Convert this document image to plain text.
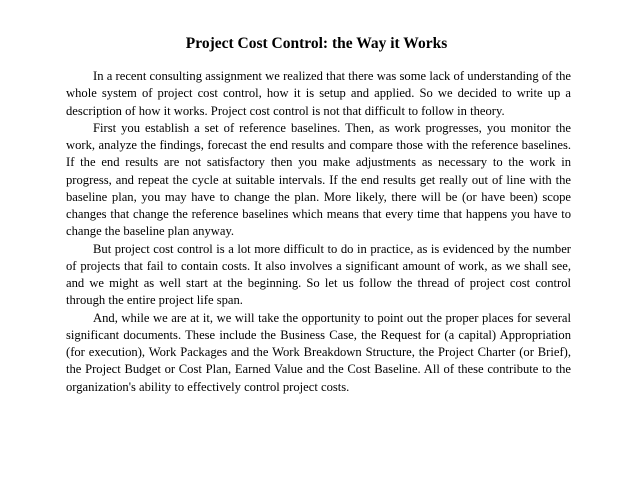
Project Cost Control: the Way it Works

In a recent consulting assignment we realized that there was some lack of understanding of the whole system of project cost control, how it is setup and applied. So we decided to write up a description of how it works. Project cost control is not that difficult to follow in theory.

First you establish a set of reference baselines. Then, as work progresses, you monitor the work, analyze the findings, forecast the end results and compare those with the reference baselines. If the end results are not satisfactory then you make adjustments as necessary to the work in progress, and repeat the cycle at suitable intervals. If the end results get really out of line with the baseline plan, you may have to change the plan. More likely, there will be (or have been) scope changes that change the reference baselines which means that every time that happens you have to change the baseline plan anyway.

But project cost control is a lot more difficult to do in practice, as is evidenced by the number of projects that fail to contain costs. It also involves a significant amount of work, as we shall see, and we might as well start at the beginning. So let us follow the thread of project cost control through the entire project life span.

And, while we are at it, we will take the opportunity to point out the proper places for several significant documents. These include the Business Case, the Request for (a capital) Appropriation (for execution), Work Packages and the Work Breakdown Structure, the Project Charter (or Brief), the Project Budget or Cost Plan, Earned Value and the Cost Baseline. All of these contribute to the organization's ability to effectively control project costs.
